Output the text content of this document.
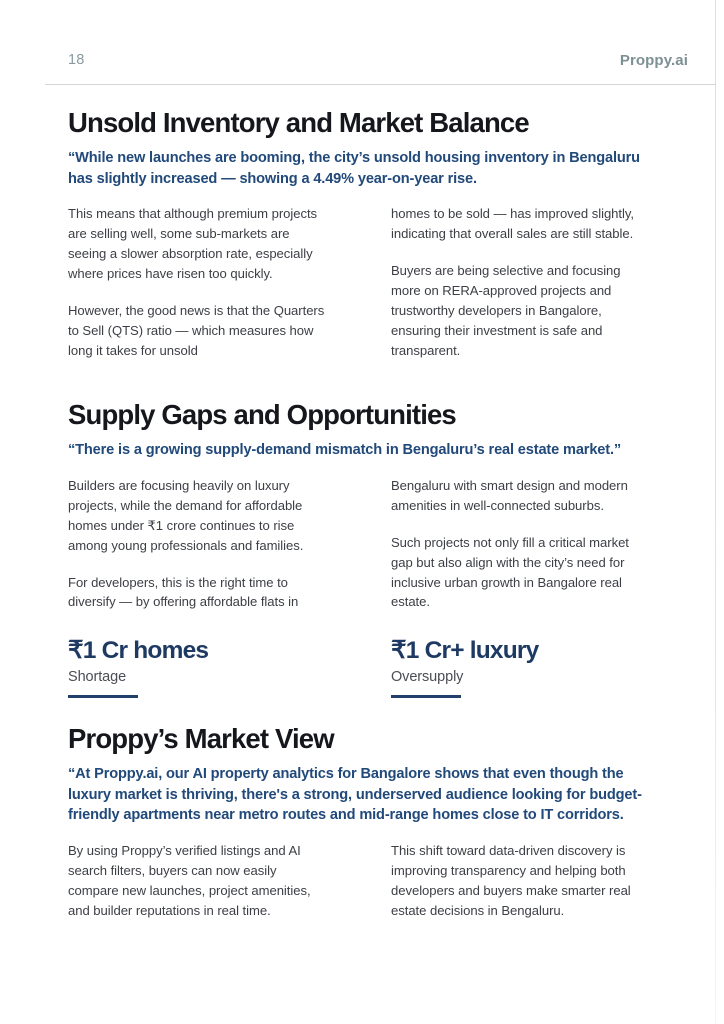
18	Proppy.ai
Unsold Inventory and Market Balance

“While new launches are booming, the city’s unsold housing inventory in Bengaluru has slightly increased — showing a 4.49% year-on-year rise.

This means that although premium projects are selling well, some sub-markets are seeing a slower absorption rate, especially where prices have risen too quickly.

However, the good news is that the Quarters to Sell (QTS) ratio — which measures how long it takes for unsold

homes to be sold — has improved slightly, indicating that overall sales are still stable.

Buyers are being selective and focusing more on RERA-approved projects and trustworthy developers in Bangalore, ensuring their investment is safe and transparent.

Supply Gaps and Opportunities

“There is a growing supply-demand mismatch in Bengaluru’s real estate market.”

Builders are focusing heavily on luxury projects, while the demand for affordable homes under ₹1 crore continues to rise among young professionals and families.

For developers, this is the right time to diversify — by offering affordable flats in

Bengaluru with smart design and modern amenities in well-connected suburbs.

Such projects not only fill a critical market gap but also align with the city’s need for inclusive urban growth in Bangalore real estate.

₹1 Cr homes
Shortage
₹1 Cr+ luxury
Oversupply
Proppy’s Market View

“At Proppy.ai, our AI property analytics for Bangalore shows that even though the luxury market is thriving, there's a strong, underserved audience looking for budget-friendly apartments near metro routes and mid-range homes close to IT corridors.

By using Proppy’s verified listings and AI search filters, buyers can now easily compare new launches, project amenities, and builder reputations in real time.

This shift toward data-driven discovery is improving transparency and helping both developers and buyers make smarter real estate decisions in Bengaluru.
